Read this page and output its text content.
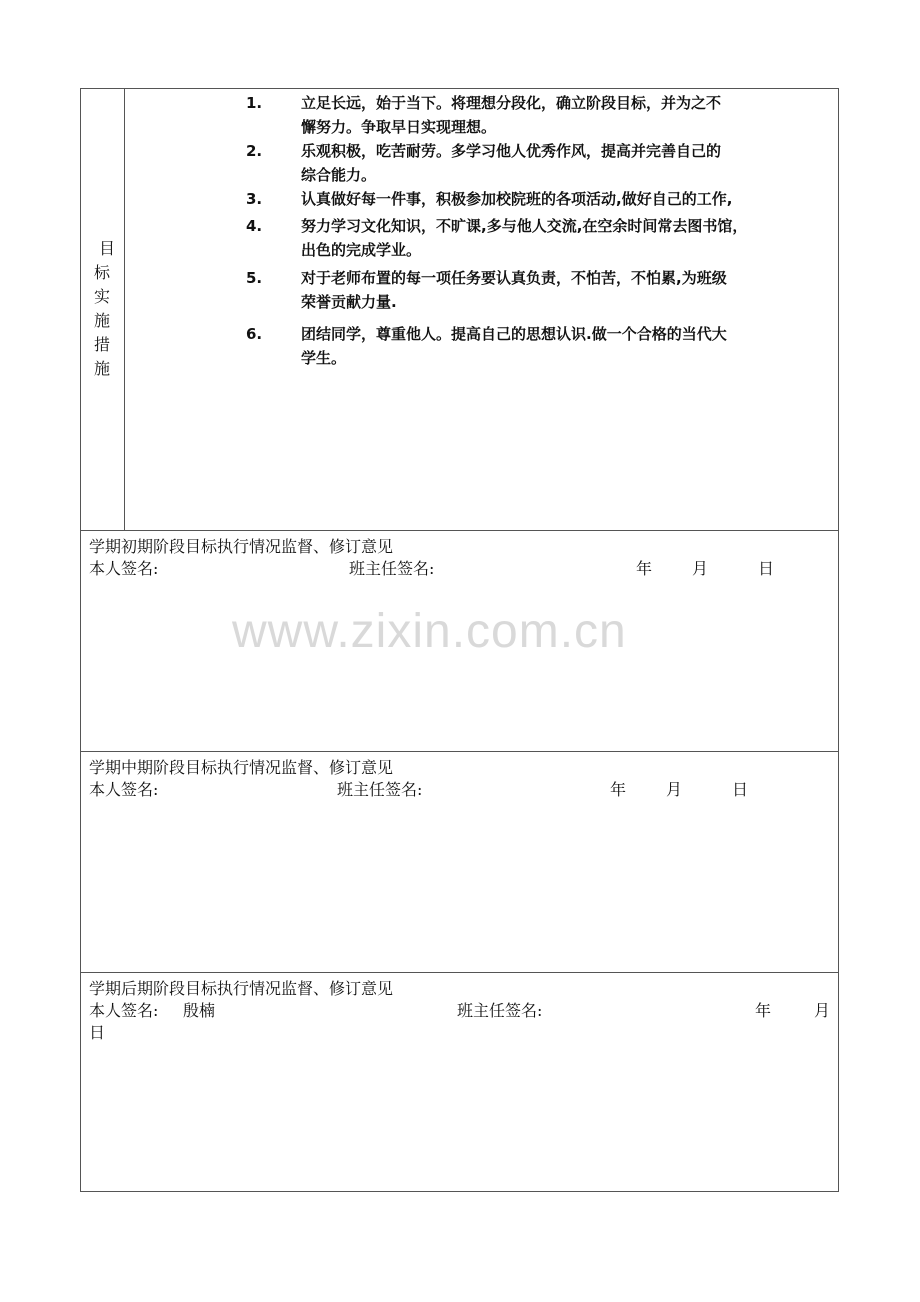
目
标
实
施
措
施
1.	立足长远，始于当下。将理想分段化，确立阶段目标，并为之不
懈努力。争取早日实现理想。
2.	乐观积极，吃苦耐劳。多学习他人优秀作风，提高并完善自己的
综合能力。
3.	认真做好每一件事，积极参加校院班的各项活动,做好自己的工作,
4.	努力学习文化知识，不旷课,多与他人交流,在空余时间常去图书馆，
出色的完成学业。
5.	对于老师布置的每一项任务要认真负责，不怕苦，不怕累,为班级
荣誉贡献力量.
6.	团结同学，尊重他人。提高自己的思想认识.做一个合格的当代大
学生。
学期初期阶段目标执行情况监督、修订意见
本人签名:	班主任签名:	年 月	日
学期中期阶段目标执行情况监督、修订意见
本人签名:	班主任签名:	年 月	日
学期后期阶段目标执行情况监督、修订意见
本人签名: 殷楠	班主任签名:	年	月
日
www.zixin.com.cn
